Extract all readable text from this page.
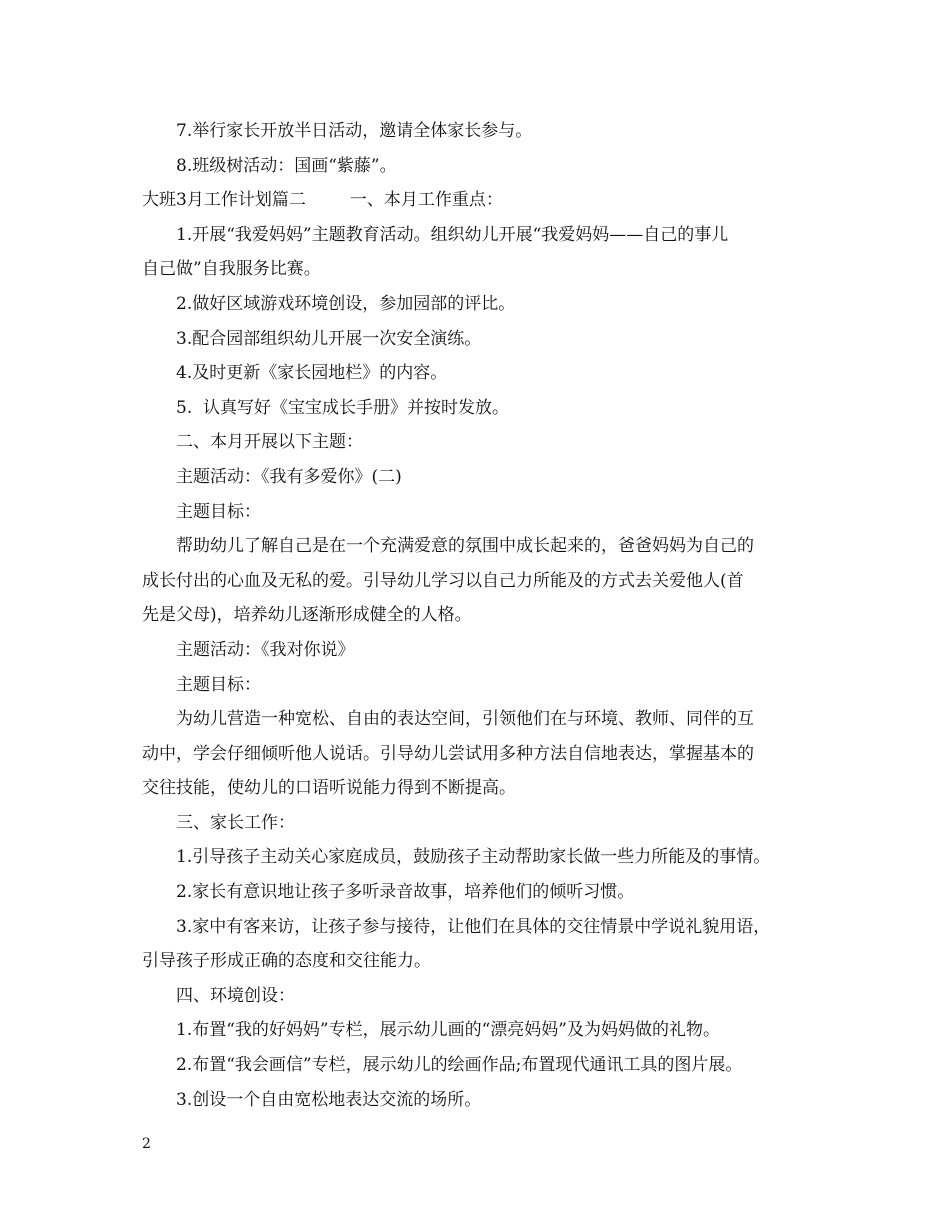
7.举行家长开放半日活动，邀请全体家长参与。
8.班级树活动：国画“紫藤”。
大班3月工作计划篇二	一、本月工作重点：
1.开展“我爱妈妈”主题教育活动。组织幼儿开展“我爱妈妈——自己的事儿
自己做”自我服务比赛。
2.做好区域游戏环境创设，参加园部的评比。
3.配合园部组织幼儿开展一次安全演练。
4.及时更新《家长园地栏》的内容。
5.  认真写好《宝宝成长手册》并按时发放。
二、本月开展以下主题：
主题活动：《我有多爱你》(二)
主题目标：
帮助幼儿了解自己是在一个充满爱意的氛围中成长起来的，爸爸妈妈为自己的
成长付出的心血及无私的爱。引导幼儿学习以自己力所能及的方式去关爱他人(首
先是父母)，培养幼儿逐渐形成健全的人格。
主题活动：《我对你说》
主题目标：
为幼儿营造一种宽松、自由的表达空间，引领他们在与环境、教师、同伴的互
动中，学会仔细倾听他人说话。引导幼儿尝试用多种方法自信地表达，掌握基本的
交往技能，使幼儿的口语听说能力得到不断提高。
三、家长工作：
1.引导孩子主动关心家庭成员，鼓励孩子主动帮助家长做一些力所能及的事情。
2.家长有意识地让孩子多听录音故事，培养他们的倾听习惯。
3.家中有客来访，让孩子参与接待，让他们在具体的交往情景中学说礼貌用语，
引导孩子形成正确的态度和交往能力。
四、环境创设：
1.布置“我的好妈妈”专栏，展示幼儿画的“漂亮妈妈”及为妈妈做的礼物。
2.布置“我会画信”专栏，展示幼儿的绘画作品;布置现代通讯工具的图片展。
3.创设一个自由宽松地表达交流的场所。
2
